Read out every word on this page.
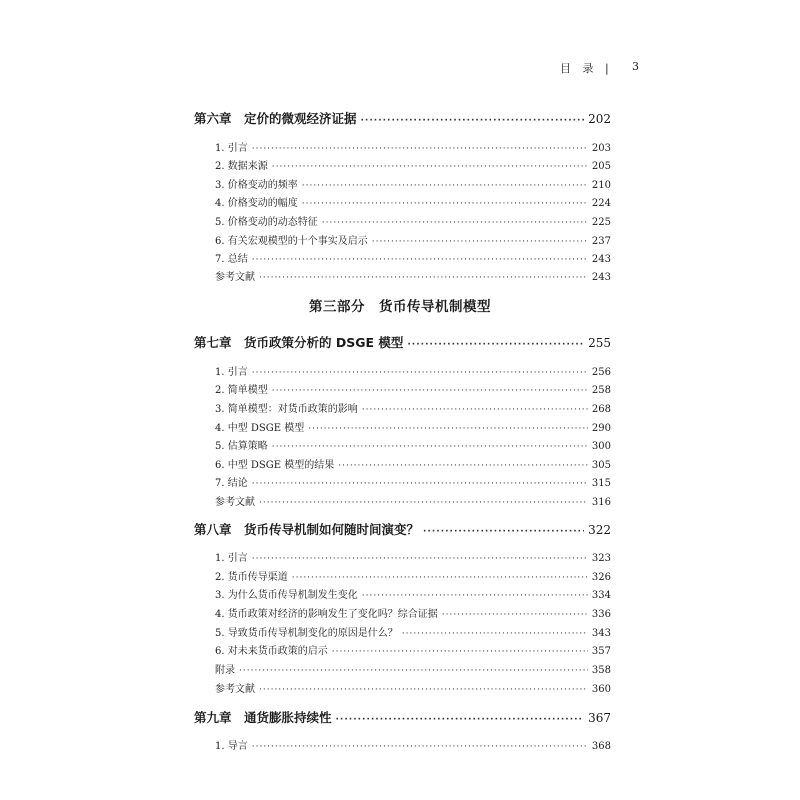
目 录 | 3
第六章　定价的微观经济证据 ·····	202
1. 引言 ·····	203
2. 数据来源 ·····	205
3. 价格变动的频率 ·····	210
4. 价格变动的幅度 ·····	224
5. 价格变动的动态特征 ·····	225
6. 有关宏观模型的十个事实及启示 ·····	237
7. 总结 ·····	243
参考文献 ·····	243
第三部分　货币传导机制模型
第七章　货币政策分析的 DSGE 模型 ·····	255
1. 引言 ·····	256
2. 简单模型 ·····	258
3. 简单模型：对货币政策的影响 ·····	268
4. 中型 DSGE 模型 ·····	290
5. 估算策略 ·····	300
6. 中型 DSGE 模型的结果 ·····	305
7. 结论 ·····	315
参考文献 ·····	316
第八章　货币传导机制如何随时间演变？ ·····	322
1. 引言 ·····	323
2. 货币传导渠道 ·····	326
3. 为什么货币传导机制发生变化 ·····	334
4. 货币政策对经济的影响发生了变化吗？综合证据 ·····	336
5. 导致货币传导机制变化的原因是什么？ ·····	343
6. 对未来货币政策的启示 ·····	357
附录 ·····	358
参考文献 ·····	360
第九章　通货膨胀持续性 ·····	367
1. 导言 ·····	368
